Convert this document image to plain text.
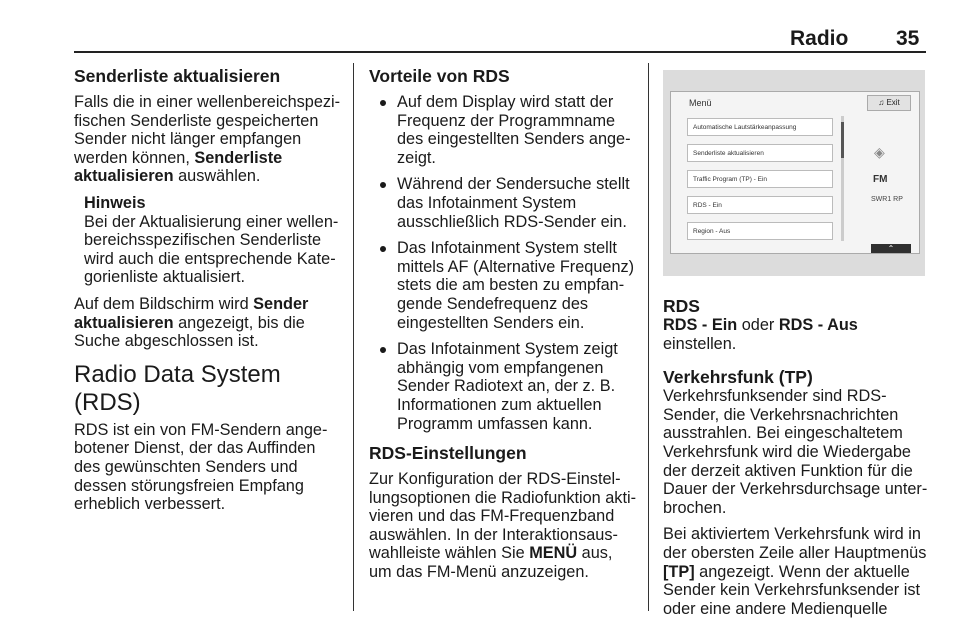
Radio 35
Senderliste aktualisieren

Falls die in einer wellenbereichspezi-fischen Senderliste gespeicherten Sender nicht länger empfangen werden können, Senderliste aktualisieren auswählen.

Hinweis

Bei der Aktualisierung einer wellen-bereichsspezifischen Senderliste wird auch die entsprechende Kate-gorienliste aktualisiert.

Auf dem Bildschirm wird Sender aktualisieren angezeigt, bis die Suche abgeschlossen ist.

Radio Data System (RDS)

RDS ist ein von FM-Sendern ange-botener Dienst, der das Auffinden des gewünschten Senders und dessen störungsfreien Empfang erheblich verbessert.

Vorteile von RDS
Auf dem Display wird statt der Frequenz der Programmname des eingestellten Senders ange-zeigt.
Während der Sendersuche stellt das Infotainment System ausschließlich RDS-Sender ein.
Das Infotainment System stellt mittels AF (Alternative Frequenz) stets die am besten zu empfan-gende Sendefrequenz des eingestellten Senders ein.
Das Infotainment System zeigt abhängig vom empfangenen Sender Radiotext an, der z. B. Informationen zum aktuellen Programm umfassen kann.
RDS-Einstellungen

Zur Konfiguration der RDS-Einstel-lungsoptionen die Radiofunktion akti-vieren und das FM-Frequenzband auswählen. In der Interaktionsaus-wahlleiste wählen Sie MENÜ aus, um das FM-Menü anzuzeigen.

Menü	♫ Exit
Automatische Lautstärkeanpassung
Senderliste aktualisieren
Traffic Program (TP) - Ein
RDS - Ein
Region - Aus
◈
FM
SWR1 RP
⌃
RDS

RDS - Ein oder RDS - Aus einstellen.

Verkehrsfunk (TP)

Verkehrsfunksender sind RDS-Sender, die Verkehrsnachrichten ausstrahlen. Bei eingeschaltetem Verkehrsfunk wird die Wiedergabe der derzeit aktiven Funktion für die Dauer der Verkehrsdurchsage unter-brochen.

Bei aktiviertem Verkehrsfunk wird in der obersten Zeile aller Hauptmenüs [TP] angezeigt. Wenn der aktuelle Sender kein Verkehrsfunksender ist oder eine andere Medienquelle
